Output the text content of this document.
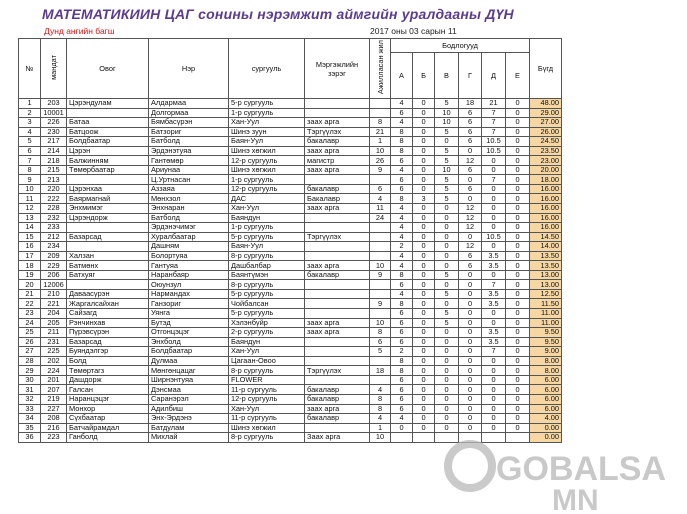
МАТЕМАТИКИИН ЦАГ сонины нэрэмжит аймгийн уралдааны ДҮН
Дунд ангийн багш	2017 оны 03 сарын 11
№	мандат	Овог	Нэр	сургууль	Мэргэжлийн зэрэг	Ажилласан жил	Бодлогууд						Бүгд
							А	Б	В	Г	Д	Е	
1	203	Цэрэндулам	Алдармаа	5-р сургууль			4	0	5	18	21	0	48.00
2	10001		Долгормаа	1-р сургууль			6	0	10	6	7	0	29.00
3	226	Батаа	Бямбасүрэн	Хан-Уул	заах арга	8	4	0	10	6	7	0	27.00
4	230	Батцоож	Батзориг	Шинэ зуун	Тэргүүлэх	21	8	0	5	6	7	0	26.00
5	217	Болдбаатар	Батболд	Баян-Уул	бакалавр	1	8	0	0	6	10.5	0	24.50
6	214	Цэрэн	Эрдэнэтуяа	Шинэ хөгжил	заах арга	10	8	0	5	0	10.5	0	23.50
7	218	Балжинням	Гантөмөр	12-р сургууль	магистр	26	6	0	5	12	0	0	23.00
8	215	Төмөрбаатар	Ариунаа	Шинэ хөгжил	заах арга	9	4	0	10	6	0	0	20.00
9	213		Ц.Уртнасан	1-р сургууль			6	0	5	0	7	0	18.00
10	220	Цэрэнхаа	Аззаяа	12-р сургууль	бакалавр	6	6	0	5	6	0	0	16.00
11	222	Баярмагнай	Мөнхзол	ДАС	Бакалавр	4	8	3	5	0	0	0	16.00
12	228	Энхмимэг	Энхнаран	Хан-Уул	заах арга	11	4	0	0	12	0	0	16.00
13	232	Цэрэндорж	Батболд	Баяндун		24	4	0	0	12	0	0	16.00
14	233		Эрдэнэчимэг	1-р сургууль			4	0	0	12	0	0	16.00
15	212	Базарсад	Хуралбаатар	5-р сургууль	Тэргүүлэх		4	0	0	0	10.5	0	14.50
16	234		Дашням	Баян-Уул			2	0	0	12	0	0	14.00
17	209	Халзан	Болортуяа	8-р сургууль			4	0	0	6	3.5	0	13.50
18	229	Батмөнх	Гантуяа	Дашбалбар	заах арга	10	4	0	0	6	3.5	0	13.50
19	206	Батхуяг	Наранбаяр	Баянтүмэн	бакалавр	9	8	0	5	0	0	0	13.00
20	12006		Оюунзул	8-р сургууль			6	0	0	0	7	0	13.00
21	210	Даваасүрэн	Нармандах	5-р сургууль			4	0	5	0	3.5	0	12.50
22	221	Жаргалсайхан	Ганзориг	Чойбалсан		9	8	0	0	0	3.5	0	11.50
23	204	Сайзагд	Уянга	5-р сургууль			6	0	5	0	0	0	11.00
24	205	Рэнчинхав	Бутэд	Хэлэнбүйр	заах арга	10	6	0	5	0	0	0	11.00
25	211	Пүрэвсүрэн	Отгонцэцэг	2-р сургууль	заах арга	8	6	0	0	0	3.5	0	9.50
26	231	Базарсад	Энхболд	Баяндун		6	6	0	0	0	3.5	0	9.50
27	225	Буяндэлгэр	Болдбаатар	Хан-Уул		5	2	0	0	0	7	0	9.00
28	202	Болд	Дулмаа	Цагаан-Овоо			8	0	0	0	0	0	8.00
29	224	Төмөртагз	Мөнгөнцацаг	8-р сургууль	Тэргүүлэх	18	8	0	0	0	0	0	8.00
30	201	Дашдорж	Ширнэнтуяа	FLOWER			6	0	0	0	0	0	6.00
31	207	Галсан	Дэнсмаа	11-р сургууль	бакалавр	4	6	0	0	0	0	0	6.00
32	219	Наранцэцэг	Саранэрэл	12-р сургууль	бакалавр	8	6	0	0	0	0	0	6.00
33	227	Монхор	Адилбиш	Хан-Уул	заах арга	8	6	0	0	0	0	0	6.00
34	208	Сүхбаатар	Энх-Эрдэнэ	11-р сургууль	бакалавр	4	4	0	0	0	0	0	4.00
35	216	Батчайрамдал	Батдулам	Шинэ хөгжил		1	0	0	0	0	0	0	0.00
36	223	Ганболд	Михлай	8-р сургууль	Заах арга	10							0.00
GOBALSA
MN
